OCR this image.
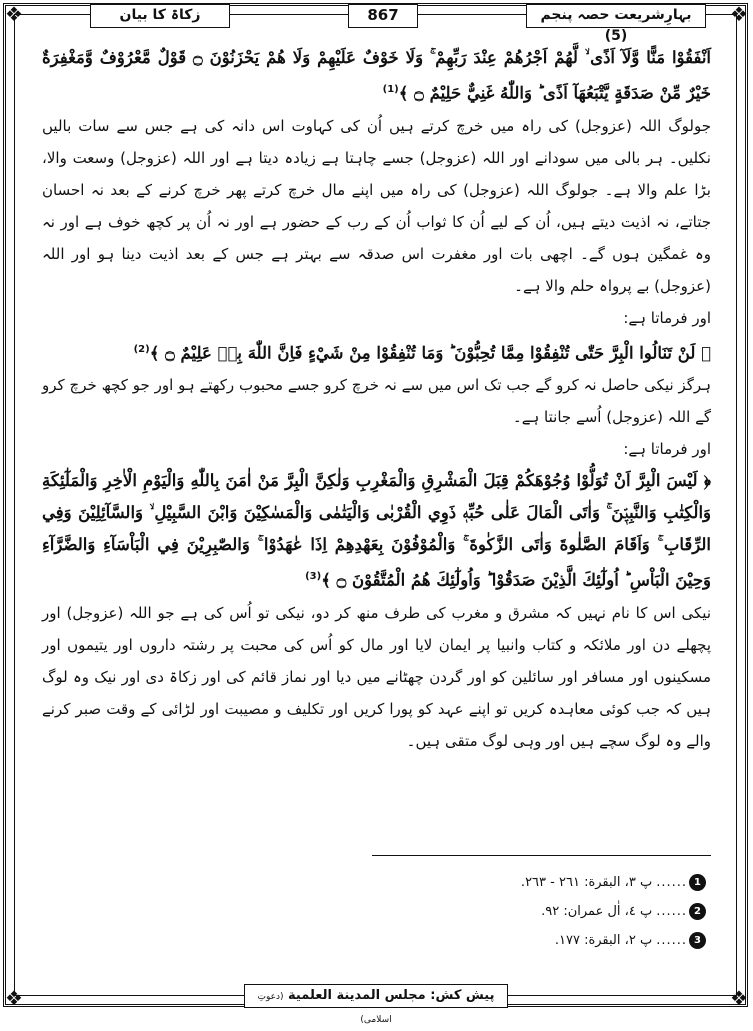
❖	❖
❖	❖
زکاۃ کا بیان	867	بہارِشریعت حصہ پنجم (5)

اَنْفَقُوْا مَنًّا وَّلَآ اَذًى ۙ لَّهُمْ اَجْرُهُمْ عِنْدَ رَبِّهِمْ ۚ وَلَا خَوْفٌ عَلَيْهِمْ وَلَا هُمْ يَحْزَنُوْنَ ۝ قَوْلٌ مَّعْرُوْفٌ وَّمَغْفِرَةٌ خَيْرٌ مِّنْ صَدَقَةٍ يَّتْبَعُهَآ اَذًى ؕ وَاللّٰهُ غَنِيٌّ حَلِيْمٌ ۝ ﴾$^{(1)}$

جولوگ اللہ (عزوجل) کی راہ میں خرچ کرتے ہیں اُن کی کہاوت اس دانہ کی ہے جس سے سات بالیں نکلیں۔ ہر بالی میں سودانے اور اللہ (عزوجل) جسے چاہتا ہے زیادہ دیتا ہے اور اللہ (عزوجل) وسعت والا، بڑا علم والا ہے۔ جولوگ اللہ (عزوجل) کی راہ میں اپنے مال خرچ کرتے پھر خرچ کرنے کے بعد نہ احسان جتاتے، نہ اذیت دیتے ہیں، اُن کے لیے اُن کا ثواب اُن کے رب کے حضور ہے اور نہ اُن پر کچھ خوف ہے اور نہ وہ غمگین ہوں گے۔ اچھی بات اور مغفرت اس صدقہ سے بہتر ہے جس کے بعد اذیت دینا ہو اور اللہ (عزوجل) بے پرواہ حلم والا ہے۔

اور فرماتا ہے:

﴿ لَنْ تَنَالُوا الْبِرَّ حَتّٰى تُنْفِقُوْا مِمَّا تُحِبُّوْنَ ؕ وَمَا تُنْفِقُوْا مِنْ شَيْءٍ فَاِنَّ اللّٰهَ بِهٖ عَلِيْمٌ ۝ ﴾$^{(2)}$

ہرگز نیکی حاصل نہ کرو گے جب تک اس میں سے نہ خرچ کرو جسے محبوب رکھتے ہو اور جو کچھ خرچ کرو گے اللہ (عزوجل) اُسے جانتا ہے۔

اور فرماتا ہے:

﴿ لَيْسَ الْبِرَّ اَنْ تُوَلُّوْا وُجُوْهَكُمْ قِبَلَ الْمَشْرِقِ وَالْمَغْرِبِ وَلٰكِنَّ الْبِرَّ مَنْ اٰمَنَ بِاللّٰهِ وَالْيَوْمِ الْاٰخِرِ وَالْمَلٰٓئِكَةِ وَالْكِتٰبِ وَالنَّبِيّٖنَ ۚ وَاٰتَى الْمَالَ عَلٰى حُبِّهٖ ذَوِي الْقُرْبٰى وَالْيَتٰمٰى وَالْمَسٰكِيْنَ وَابْنَ السَّبِيْلِ ۙ وَالسَّآئِلِيْنَ وَفِي الرِّقَابِ ۚ وَاَقَامَ الصَّلٰوةَ وَاٰتَى الزَّكٰوةَ ۚ وَالْمُوْفُوْنَ بِعَهْدِهِمْ اِذَا عٰهَدُوْا ۚ وَالصّٰبِرِيْنَ فِي الْبَاْسَآءِ وَالضَّرَّآءِ وَحِيْنَ الْبَاْسِ ؕ اُولٰٓئِكَ الَّذِيْنَ صَدَقُوْا ؕ وَاُولٰٓئِكَ هُمُ الْمُتَّقُوْنَ ۝ ﴾$^{(3)}$

نیکی اس کا نام نہیں کہ مشرق و مغرب کی طرف منھ کر دو، نیکی تو اُس کی ہے جو اللہ (عزوجل) اور پچھلے دن اور ملائکہ و کتاب وانبیا پر ایمان لایا اور مال کو اُس کی محبت پر رشتہ داروں اور یتیموں اور مسکینوں اور مسافر اور سائلین کو اور گردن چھٹانے میں دیا اور نماز قائم کی اور زکاۃ دی اور نیک وہ لوگ ہیں کہ جب کوئی معاہدہ کریں تو اپنے عہد کو پورا کریں اور تکلیف و مصیبت اور لڑائی کے وقت صبر کرنے والے وہ لوگ سچے ہیں اور وہی لوگ متقی ہیں۔

1
......
پ ٣، البقرة: ٢٦١ - ٢٦٣.
2
......
پ ٤، اٰل عمران: ٩٢.
3
......
پ ٢، البقرة: ١٧٧.
پیش کش: مجلس المدينة العلمية (دعوتِ اسلامی)
